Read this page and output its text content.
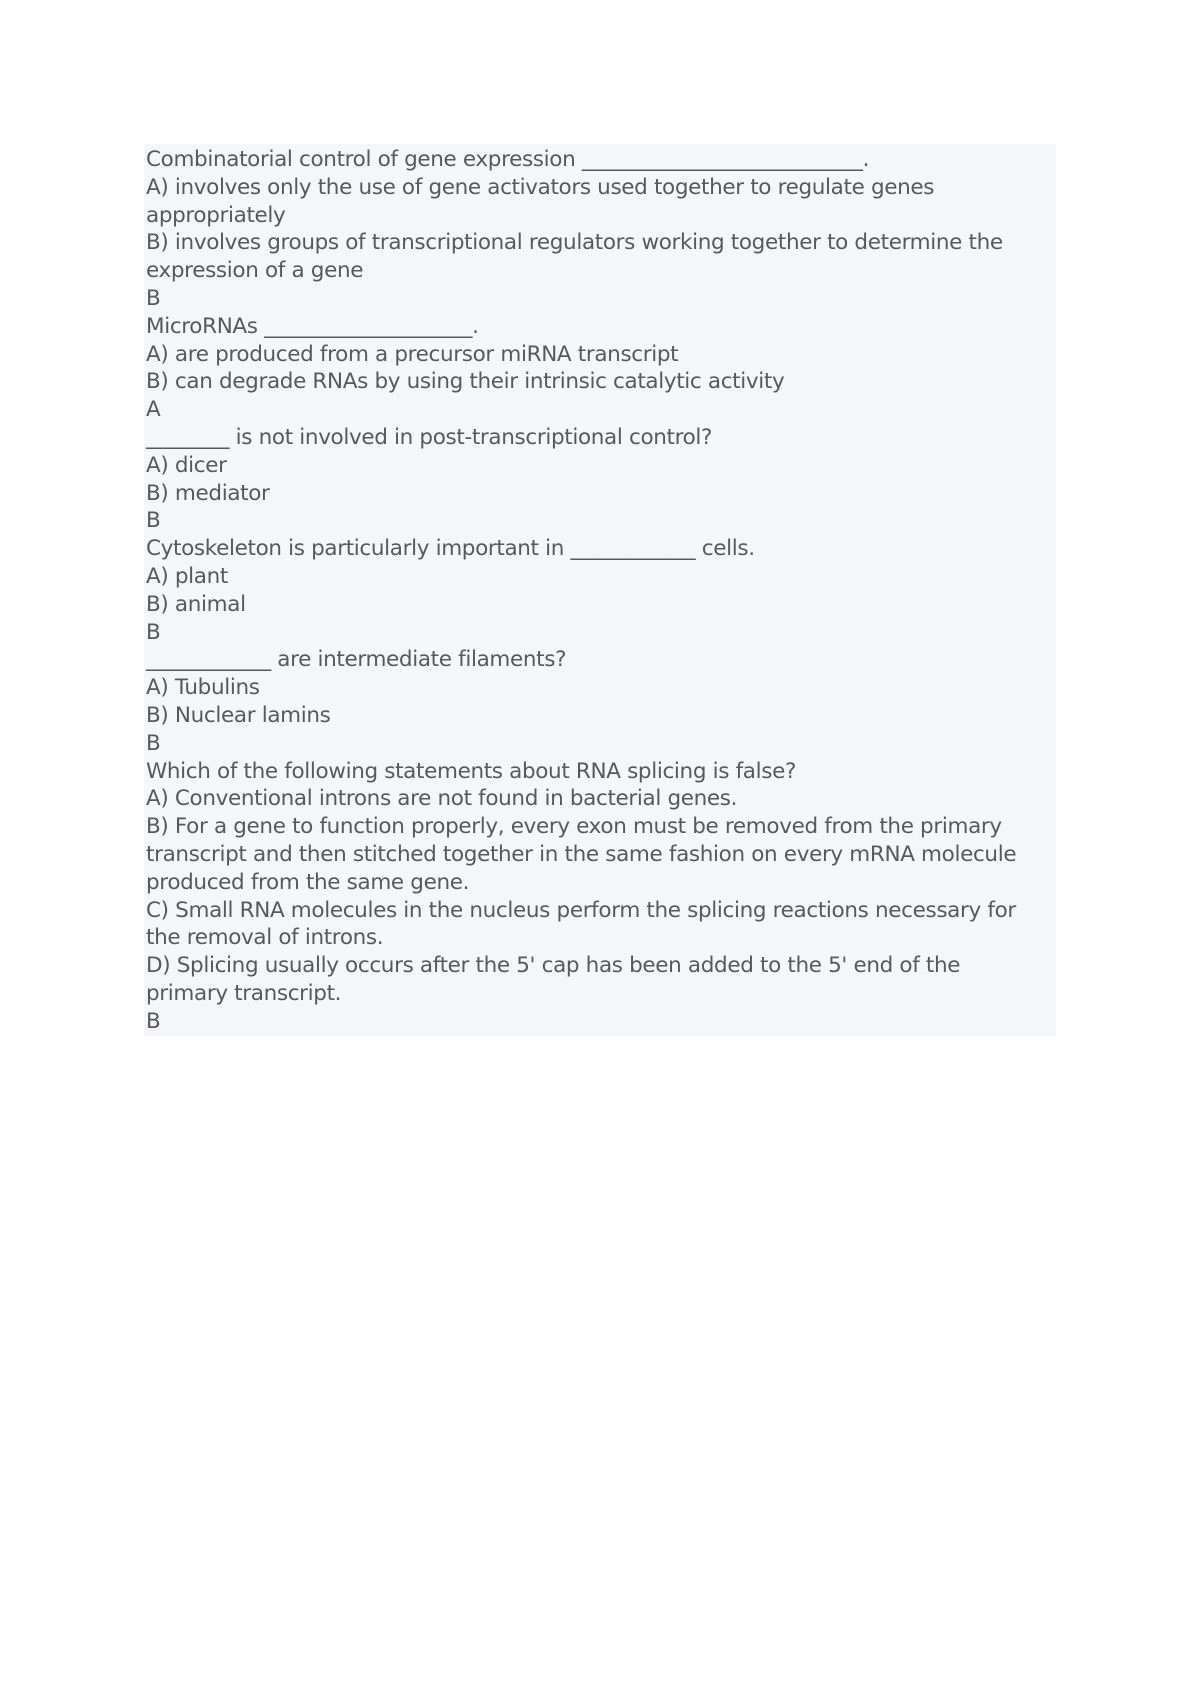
Combinatorial control of gene expression ___________________________.
A) involves only the use of gene activators used together to regulate genes
appropriately
B) involves groups of transcriptional regulators working together to determine the
expression of a gene
B
MicroRNAs ____________________.
A) are produced from a precursor miRNA transcript
B) can degrade RNAs by using their intrinsic catalytic activity
A
________ is not involved in post-transcriptional control?
A) dicer
B) mediator
B
Cytoskeleton is particularly important in ____________ cells.
A) plant
B) animal
B
____________ are intermediate filaments?
A) Tubulins
B) Nuclear lamins
B
Which of the following statements about RNA splicing is false?
A) Conventional introns are not found in bacterial genes.
B) For a gene to function properly, every exon must be removed from the primary
transcript and then stitched together in the same fashion on every mRNA molecule
produced from the same gene.
C) Small RNA molecules in the nucleus perform the splicing reactions necessary for
the removal of introns.
D) Splicing usually occurs after the 5' cap has been added to the 5' end of the
primary transcript.
B
